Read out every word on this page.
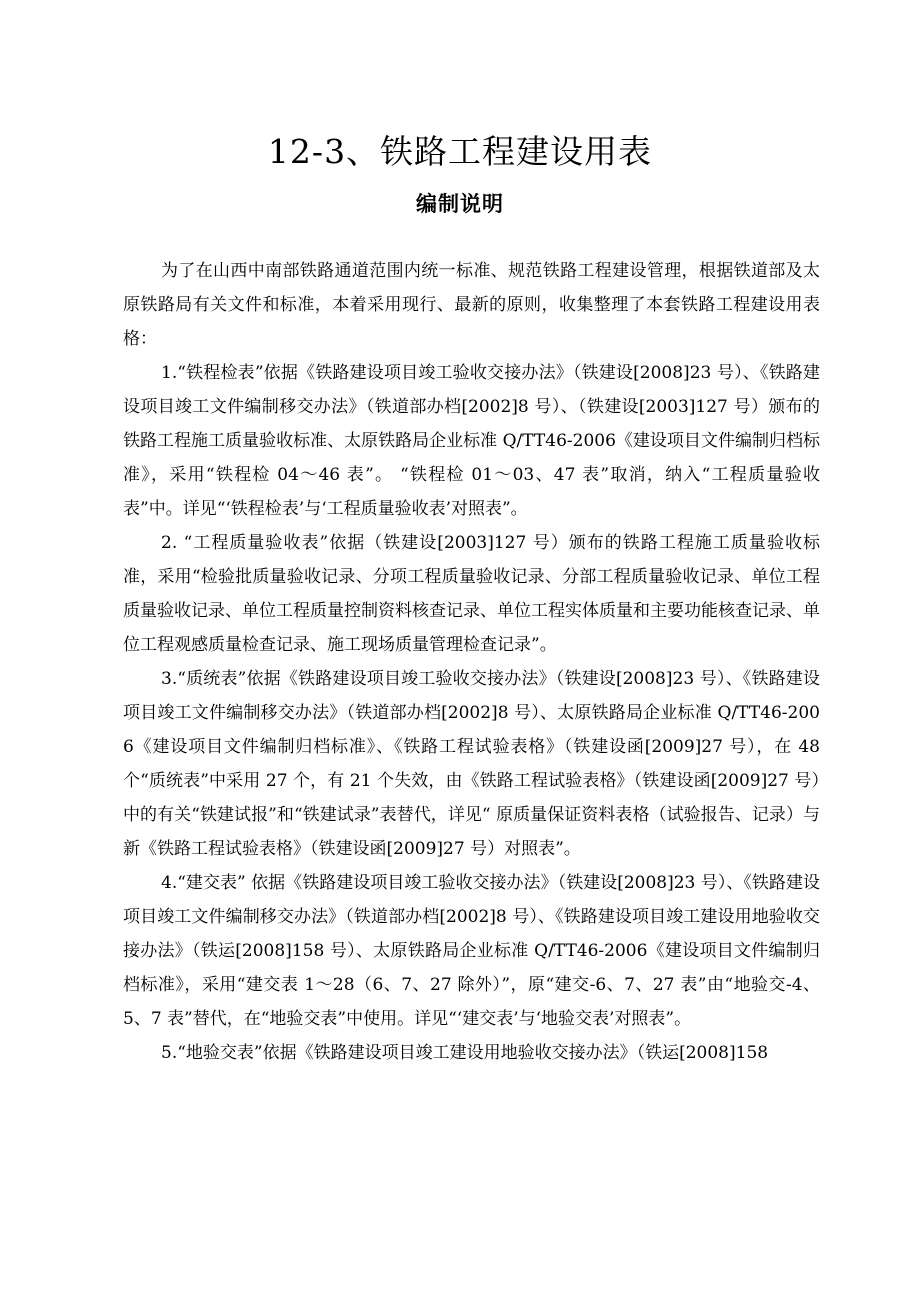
12-3、铁路工程建设用表
编制说明

为了在山西中南部铁路通道范围内统一标准、规范铁路工程建设管理，根据铁道部及太原铁路局有关文件和标准，本着采用现行、最新的原则，收集整理了本套铁路工程建设用表格：

1.“铁程检表”依据《铁路建设项目竣工验收交接办法》（铁建设[2008]23 号）、《铁路建设项目竣工文件编制移交办法》（铁道部办档[2002]8 号）、（铁建设[2003]127 号）颁布的铁路工程施工质量验收标准、太原铁路局企业标准 Q/TT46-2006《建设项目文件编制归档标准》，采用“铁程检 04～46 表”。 “铁程检 01～03、47 表”取消，纳入“工程质量验收表”中。详见“‘铁程检表’与‘工程质量验收表’对照表”。

2. “工程质量验收表”依据（铁建设[2003]127 号）颁布的铁路工程施工质量验收标准，采用“检验批质量验收记录、分项工程质量验收记录、分部工程质量验收记录、单位工程质量验收记录、单位工程质量控制资料核查记录、单位工程实体质量和主要功能核查记录、单位工程观感质量检查记录、施工现场质量管理检查记录”。

3.“质统表”依据《铁路建设项目竣工验收交接办法》（铁建设[2008]23 号）、《铁路建设项目竣工文件编制移交办法》（铁道部办档[2002]8 号）、太原铁路局企业标准 Q/TT46-2006《建设项目文件编制归档标准》、《铁路工程试验表格》（铁建设函[2009]27 号），在 48 个“质统表”中采用 27 个，有 21 个失效，由《铁路工程试验表格》（铁建设函[2009]27 号）中的有关“铁建试报”和“铁建试录”表替代，详见“ 原质量保证资料表格（试验报告、记录）与新《铁路工程试验表格》（铁建设函[2009]27 号）对照表”。

4.“建交表” 依据《铁路建设项目竣工验收交接办法》（铁建设[2008]23 号）、《铁路建设项目竣工文件编制移交办法》（铁道部办档[2002]8 号）、《铁路建设项目竣工建设用地验收交接办法》（铁运[2008]158 号）、太原铁路局企业标准 Q/TT46-2006《建设项目文件编制归档标准》，采用“建交表 1～28（6、7、27 除外）”，原“建交-6、7、27 表”由“地验交-4、5、7 表”替代，在“地验交表”中使用。详见“‘建交表’与‘地验交表’对照表”。

5.“地验交表”依据《铁路建设项目竣工建设用地验收交接办法》（铁运[2008]158
